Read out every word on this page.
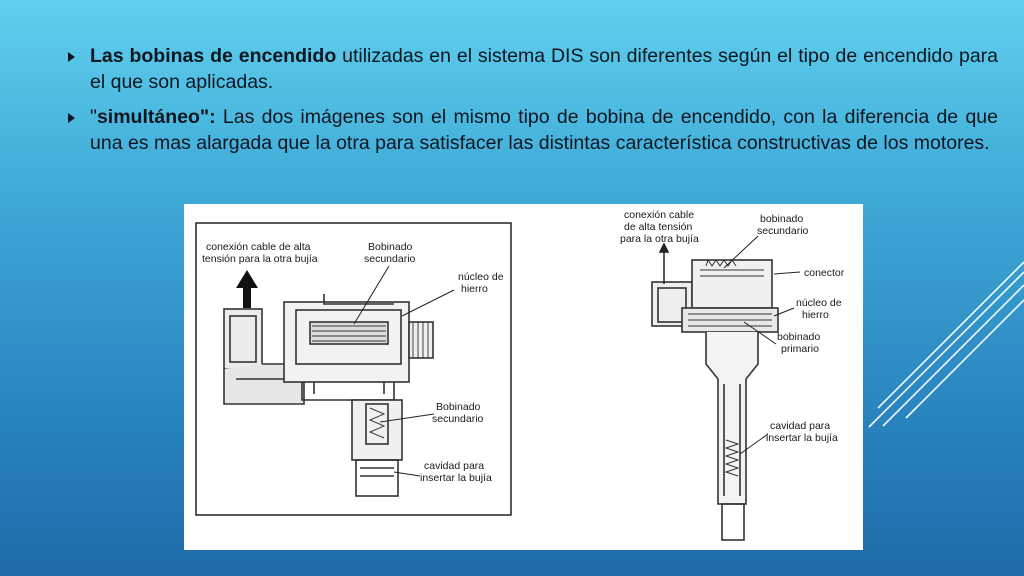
Las bobinas de encendido utilizadas en el sistema DIS son diferentes según el tipo de encendido para el que son aplicadas.
"simultáneo": Las dos imágenes son el mismo tipo de bobina de encendido, con la diferencia de que una es mas alargada que la otra para satisfacer las distintas característica constructivas de los motores.
conexión cable de alta
tensión para la otra bujía
Bobinado
secundario
núcleo de
hierro
Bobinado
secundario
cavidad para
insertar la bujía
conexión cable
de alta tensión
para la otra bujía
bobinado
secundario
conector
núcleo de
hierro
bobinado
primario
cavidad para
insertar la bujía
